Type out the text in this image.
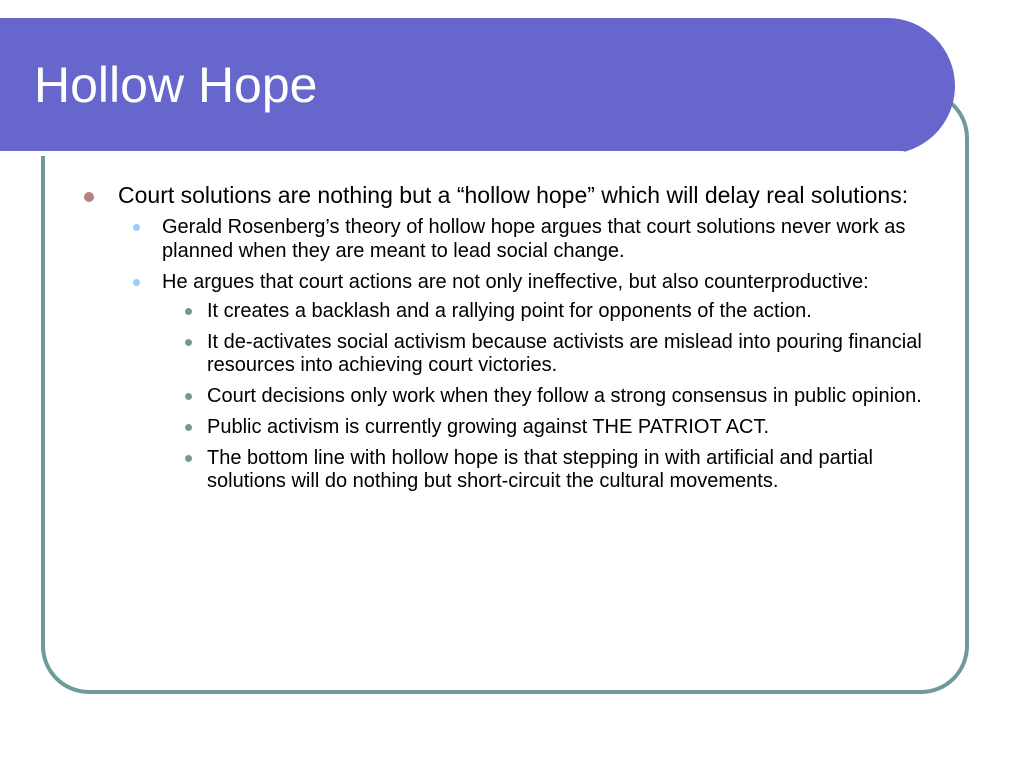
Hollow Hope
Court solutions are nothing but a “hollow hope” which will delay real solutions:
Gerald Rosenberg’s theory of hollow hope argues that court solutions never work as planned when they are meant to lead social change.
He argues that court actions are not only ineffective, but also counterproductive:
It creates a backlash and a rallying point for opponents of the action.
It de-activates social activism because activists are mislead into pouring financial resources into achieving court victories.
Court decisions only work when they follow a strong consensus in public opinion.
Public activism is currently growing against THE PATRIOT ACT.
The bottom line with hollow hope is that stepping in with artificial and partial solutions will do nothing but short-circuit the cultural movements.
